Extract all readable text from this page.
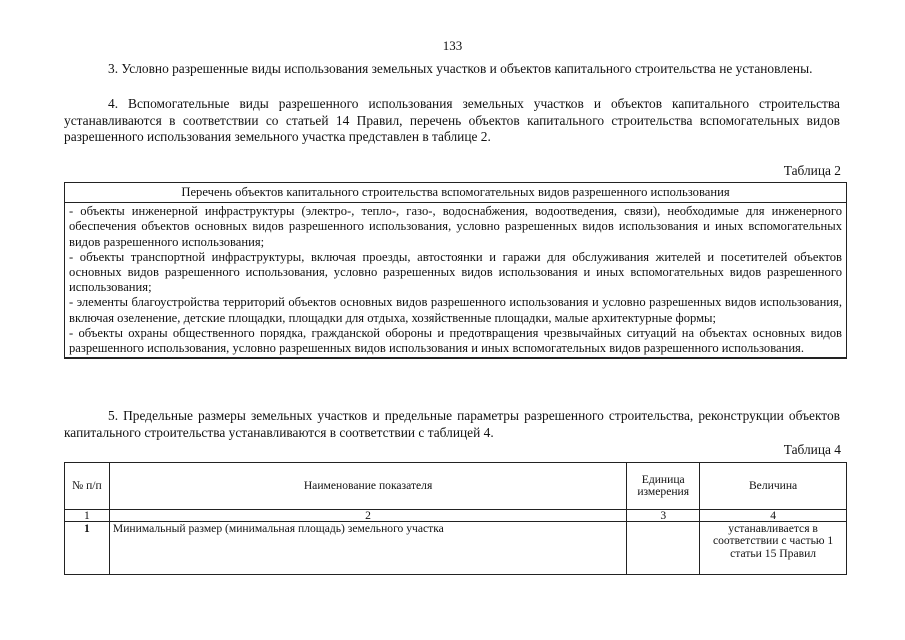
133

3. Условно разрешенные виды использования земельных участков и объектов капитального строительства не установлены.

4. Вспомогательные виды разрешенного использования земельных участков и объектов капитального строительства устанавливаются в соответствии со статьей 14 Правил, перечень объектов капитального строительства вспомогательных видов разрешенного использования земельного участка представлен в таблице 2.

Таблица 2
Перечень объектов капитального строительства вспомогательных видов разрешенного использования

- объекты инженерной инфраструктуры (электро-, тепло-, газо-, водоснабжения, водоотведения, связи), необходимые для инженерного обеспечения объектов основных видов разрешенного использования, условно разрешенных видов использования и иных вспомогательных видов разрешенного использования;
- объекты транспортной инфраструктуры, включая проезды, автостоянки и гаражи для обслуживания жителей и посетителей объектов основных видов разрешенного использования, условно разрешенных видов использования и иных вспомогательных видов разрешенного использования;
- элементы благоустройства территорий объектов основных видов разрешенного использования и условно разрешенных видов использования, включая озеленение, детские площадки, площадки для отдыха, хозяйственные площадки, малые архитектурные формы;
- объекты охраны общественного порядка, гражданской обороны и предотвращения чрезвычайных ситуаций на объектах основных видов разрешенного использования, условно разрешенных видов использования и иных вспомогательных видов разрешенного использования.

5. Предельные размеры земельных участков и предельные параметры разрешенного строительства, реконструкции объектов капитального строительства устанавливаются в соответствии с таблицей 4.

Таблица 4
№ п/п	Наименование показателя	Единица измерения	Величина
1	2	3	4
1	Минимальный размер (минимальная площадь) земельного участка		устанавливается в соответствии с частью 1 статьи 15 Правил
